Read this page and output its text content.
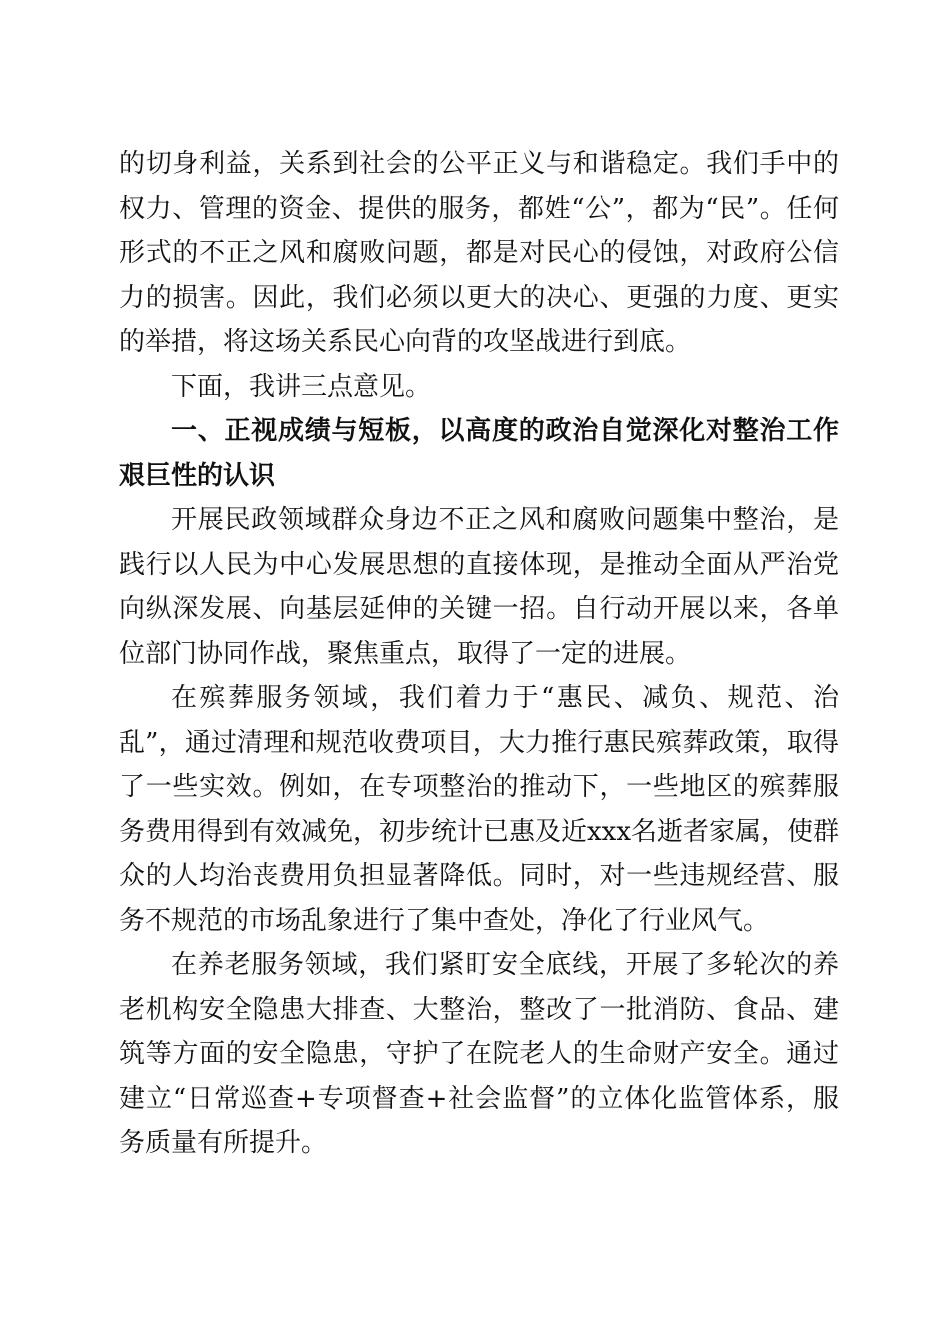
的切身利益，关系到社会的公平正义与和谐稳定。我们手中的权力、管理的资金、提供的服务，都姓“公”，都为“民”。任何形式的不正之风和腐败问题，都是对民心的侵蚀，对政府公信力的损害。因此，我们必须以更大的决心、更强的力度、更实的举措，将这场关系民心向背的攻坚战进行到底。

下面，我讲三点意见。

一、正视成绩与短板，以高度的政治自觉深化对整治工作艰巨性的认识

开展民政领域群众身边不正之风和腐败问题集中整治，是践行以人民为中心发展思想的直接体现，是推动全面从严治党向纵深发展、向基层延伸的关键一招。自行动开展以来，各单位部门协同作战，聚焦重点，取得了一定的进展。

在殡葬服务领域，我们着力于“惠民、减负、规范、治乱”，通过清理和规范收费项目，大力推行惠民殡葬政策，取得了一些实效。例如，在专项整治的推动下，一些地区的殡葬服务费用得到有效减免，初步统计已惠及近xxx名逝者家属，使群众的人均治丧费用负担显著降低。同时，对一些违规经营、服务不规范的市场乱象进行了集中查处，净化了行业风气。

在养老服务领域，我们紧盯安全底线，开展了多轮次的养老机构安全隐患大排查、大整治，整改了一批消防、食品、建筑等方面的安全隐患，守护了在院老人的生命财产安全。通过建立“日常巡查+专项督查+社会监督”的立体化监管体系，服务质量有所提升。
